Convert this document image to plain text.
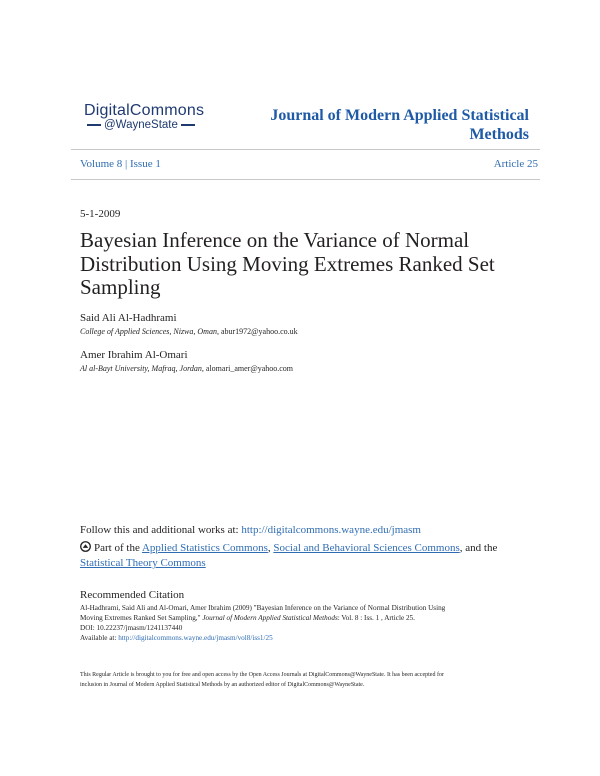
DigitalCommons
@WayneState
Journal of Modern Applied Statistical
Methods
Volume 8 | Issue 1	Article 25
5-1-2009
Bayesian Inference on the Variance of Normal Distribution Using Moving Extremes Ranked Set Sampling
Said Ali Al-Hadhrami
College of Applied Sciences, Nizwa, Oman, abur1972@yahoo.co.uk
Amer Ibrahim Al-Omari
Al al-Bayt University, Mafraq, Jordan, alomari_amer@yahoo.com
Follow this and additional works at: http://digitalcommons.wayne.edu/jmasm
Part of the Applied Statistics Commons, Social and Behavioral Sciences Commons, and the
Statistical Theory Commons
Recommended Citation
Al-Hadhrami, Said Ali and Al-Omari, Amer Ibrahim (2009) "Bayesian Inference on the Variance of Normal Distribution Using
Moving Extremes Ranked Set Sampling," Journal of Modern Applied Statistical Methods: Vol. 8 : Iss. 1 , Article 25.
DOI: 10.22237/jmasm/1241137440
Available at: http://digitalcommons.wayne.edu/jmasm/vol8/iss1/25
This Regular Article is brought to you for free and open access by the Open Access Journals at DigitalCommons@WayneState. It has been accepted for
inclusion in Journal of Modern Applied Statistical Methods by an authorized editor of DigitalCommons@WayneState.
